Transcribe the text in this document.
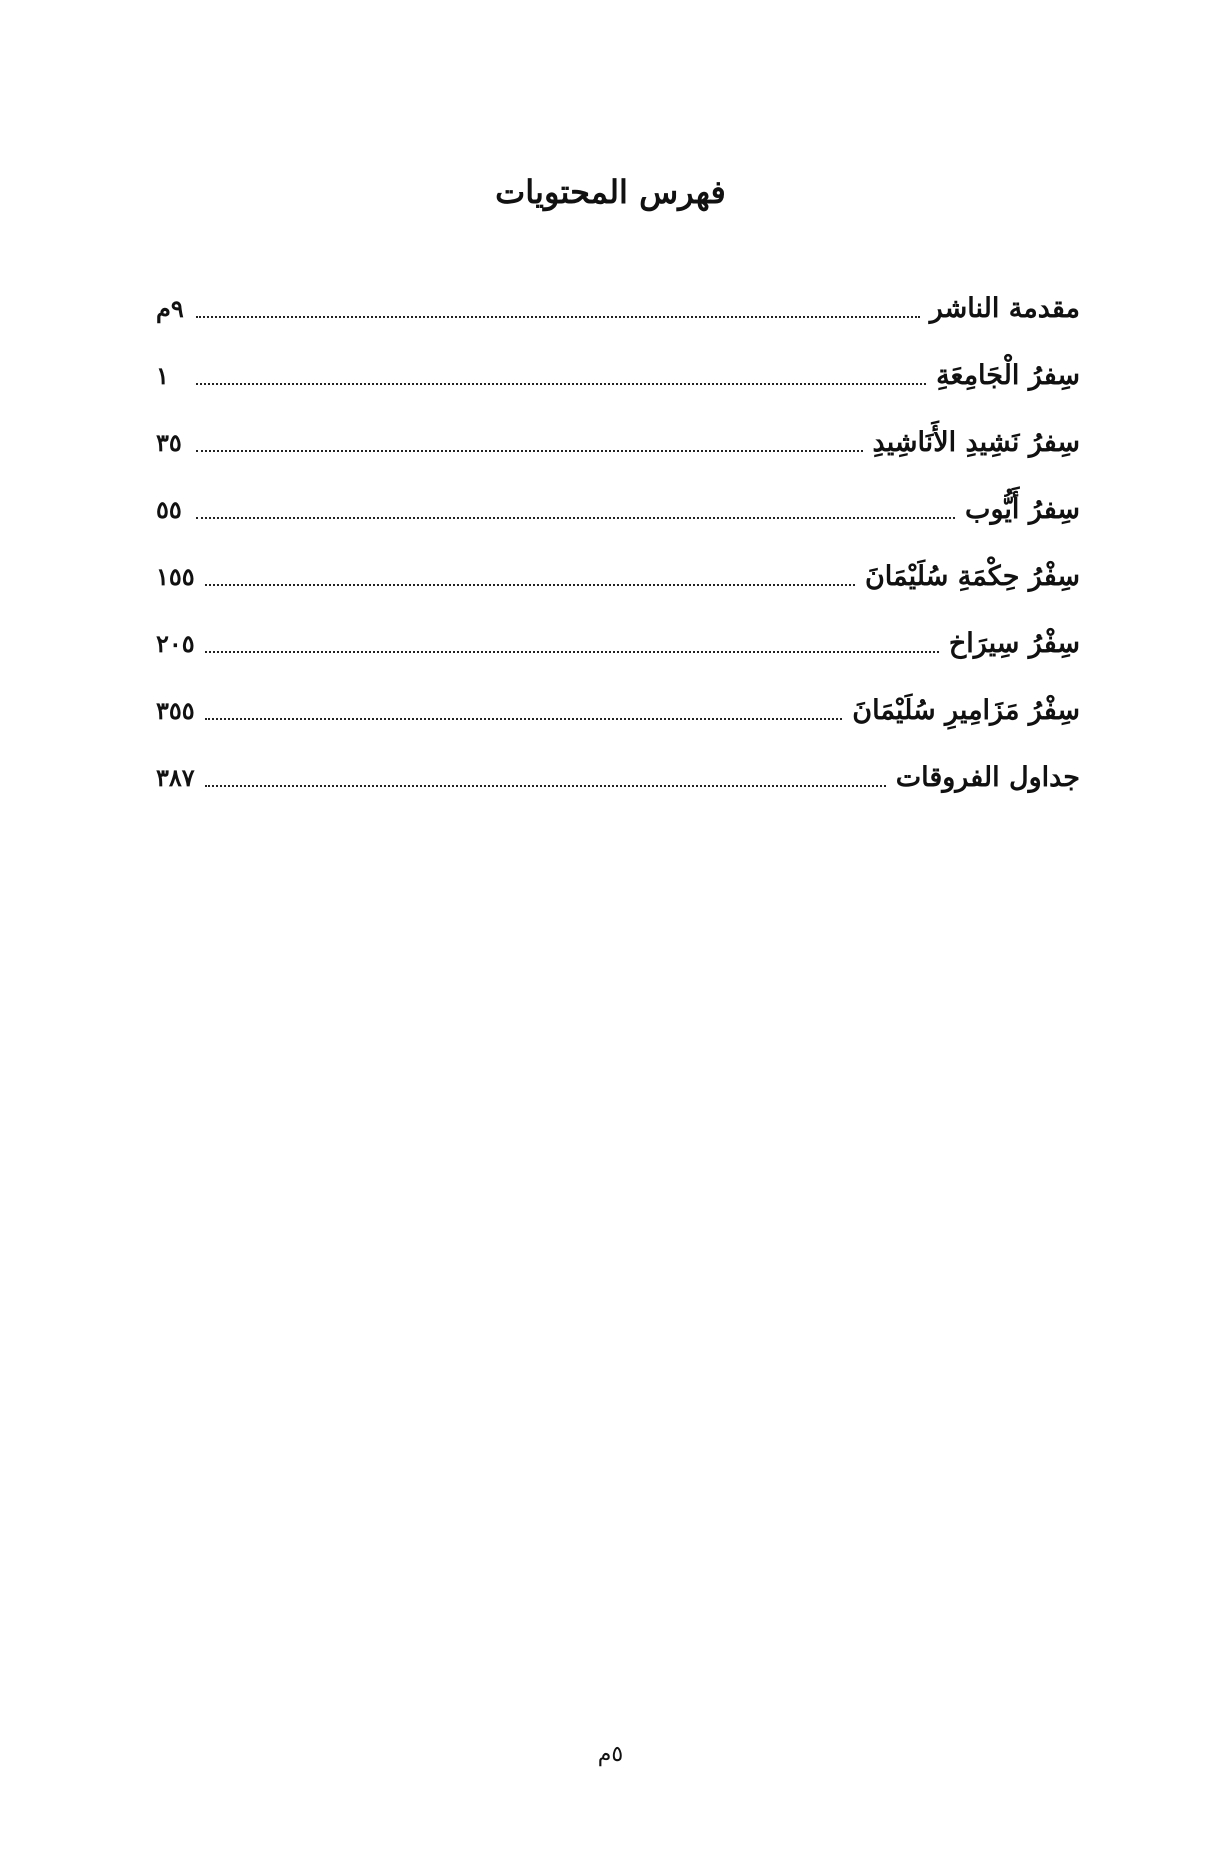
فهرس المحتويات
مقدمة الناشر
٩م
سِفرُ الْجَامِعَةِ
١
سِفرُ نَشِيدِ الأَنَاشِيدِ
٣٥
سِفرُ أَيُّوب
٥٥
سِفْرُ حِكْمَةِ سُلَيْمَانَ
١٥٥
سِفْرُ سِيرَاخ
٢٠٥
سِفْرُ مَزَامِيرِ سُلَيْمَانَ
٣٥٥
جداول الفروقات
٣٨٧
٥م
